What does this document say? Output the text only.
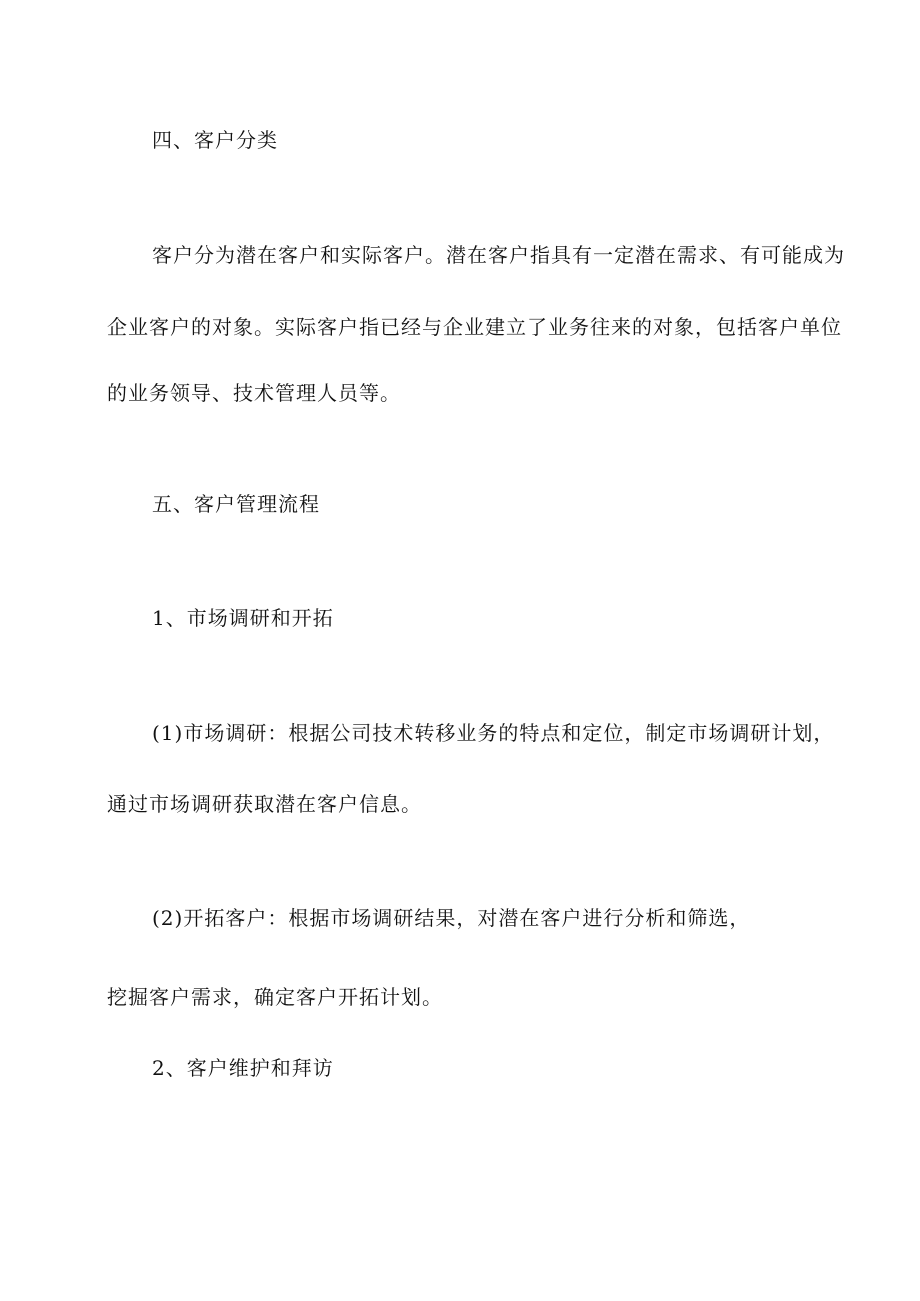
四、客户分类
客户分为潜在客户和实际客户。潜在客户指具有一定潜在需求、有可能成为
企业客户的对象。实际客户指已经与企业建立了业务往来的对象，包括客户单位
的业务领导、技术管理人员等。
五、客户管理流程
1、市场调研和开拓
(1)市场调研：根据公司技术转移业务的特点和定位，制定市场调研计划，
通过市场调研获取潜在客户信息。
(2)开拓客户：根据市场调研结果，对潜在客户进行分析和筛选，
挖掘客户需求，确定客户开拓计划。
2、客户维护和拜访
